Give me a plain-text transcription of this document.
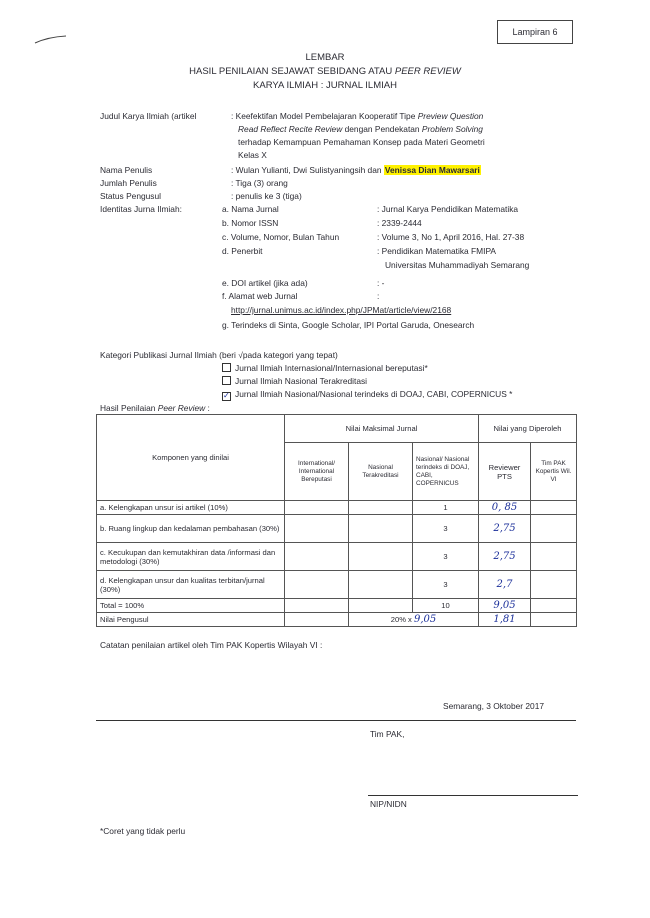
Lampiran 6
LEMBAR
HASIL PENILAIAN SEJAWAT SEBIDANG ATAU PEER REVIEW
KARYA ILMIAH : JURNAL ILMIAH
Judul Karya Ilmiah (artikel	: Keefektifan Model Pembelajaran Kooperatif Tipe Preview Question
Read Reflect Recite Review dengan Pendekatan Problem Solving
terhadap Kemampuan Pemahaman Konsep pada Materi Geometri
Kelas X
Nama Penulis	: Wulan Yulianti, Dwi Sulistyaningsih dan Venissa Dian Mawarsari
Jumlah Penulis	: Tiga (3) orang
Status Pengusul	: penulis ke 3 (tiga)
Identitas Jurna Ilmiah:	a. Nama Jurnal	: Jurnal Karya Pendidikan Matematika
b. Nomor ISSN	: 2339-2444
c. Volume, Nomor, Bulan Tahun	: Volume 3, No 1, April 2016, Hal. 27-38
d. Penerbit	: Pendidikan Matematika FMIPA
Universitas Muhammadiyah Semarang
e. DOI artikel (jika ada)	: -
f. Alamat web Jurnal	:
http://jurnal.unimus.ac.id/index.php/JPMat/article/view/2168
g. Terindeks di Sinta, Google Scholar, IPI Portal Garuda, Onesearch
Kategori Publikasi Jurnal Ilmiah (beri √pada kategori yang tepat)
Jurnal Ilmiah Internasional/Internasional bereputasi*
Jurnal Ilmiah Nasional Terakreditasi
✓ Jurnal Ilmiah Nasional/Nasional terindeks di DOAJ, CABI, COPERNICUS *
Hasil Penilaian Peer Review :
Komponen yang dinilai	Nilai Maksimal Jurnal			Nilai yang Diperoleh	
	International/ International Bereputasi	Nasional Terakreditasi	Nasional/ Nasional terindeks di DOAJ, CABI, COPERNICUS	Reviewer PTS	Tim PAK Kopertis Wil. VI
a. Kelengkapan unsur isi artikel (10%)			1	0, 85	
b. Ruang lingkup dan kedalaman pembahasan (30%)			3	2,75	
c. Kecukupan dan kemutakhiran data /informasi dan metodologi (30%)			3	2,75	
d. Kelengkapan unsur dan kualitas terbitan/jurnal (30%)			3	2,7	
Total = 100%			10	9,05	
Nilai Pengusul		20% x 9,05		1,81	
Catatan penilaian artikel oleh Tim PAK Kopertis Wilayah VI :
Semarang, 3 Oktober 2017
Tim PAK,
NIP/NIDN
*Coret yang tidak perlu
